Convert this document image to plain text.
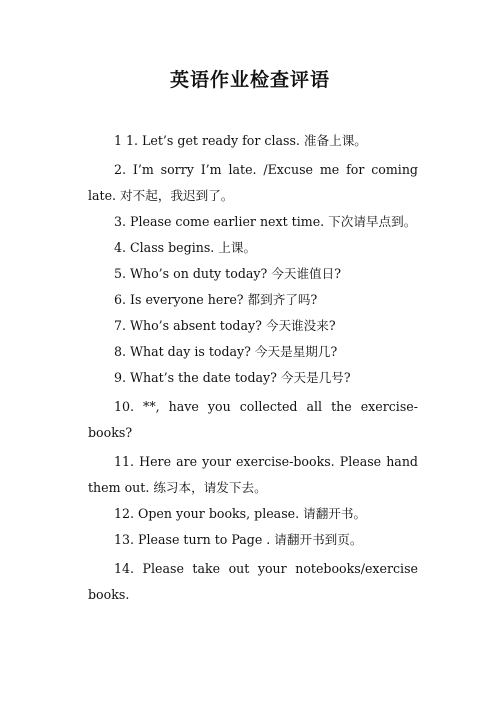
英语作业检查评语

1 1. Let’s get ready for class. 准备上课。

2. I’m sorry I’m late. /Excuse me for coming late. 对不起，我迟到了。

3. Please come earlier next time. 下次请早点到。

4. Class begins. 上课。

5. Who’s on duty today? 今天谁值日?

6. Is everyone here? 都到齐了吗?

7. Who’s absent today? 今天谁没来?

8. What day is today? 今天是星期几?

9. What’s the date today? 今天是几号?

10. **, have you collected all the exercise-books?

11. Here are your exercise-books. Please hand them out. 练习本，请发下去。

12. Open your books, please. 请翻开书。

13. Please turn to Page . 请翻开书到页。

14. Please take out your notebooks/exercise books.
